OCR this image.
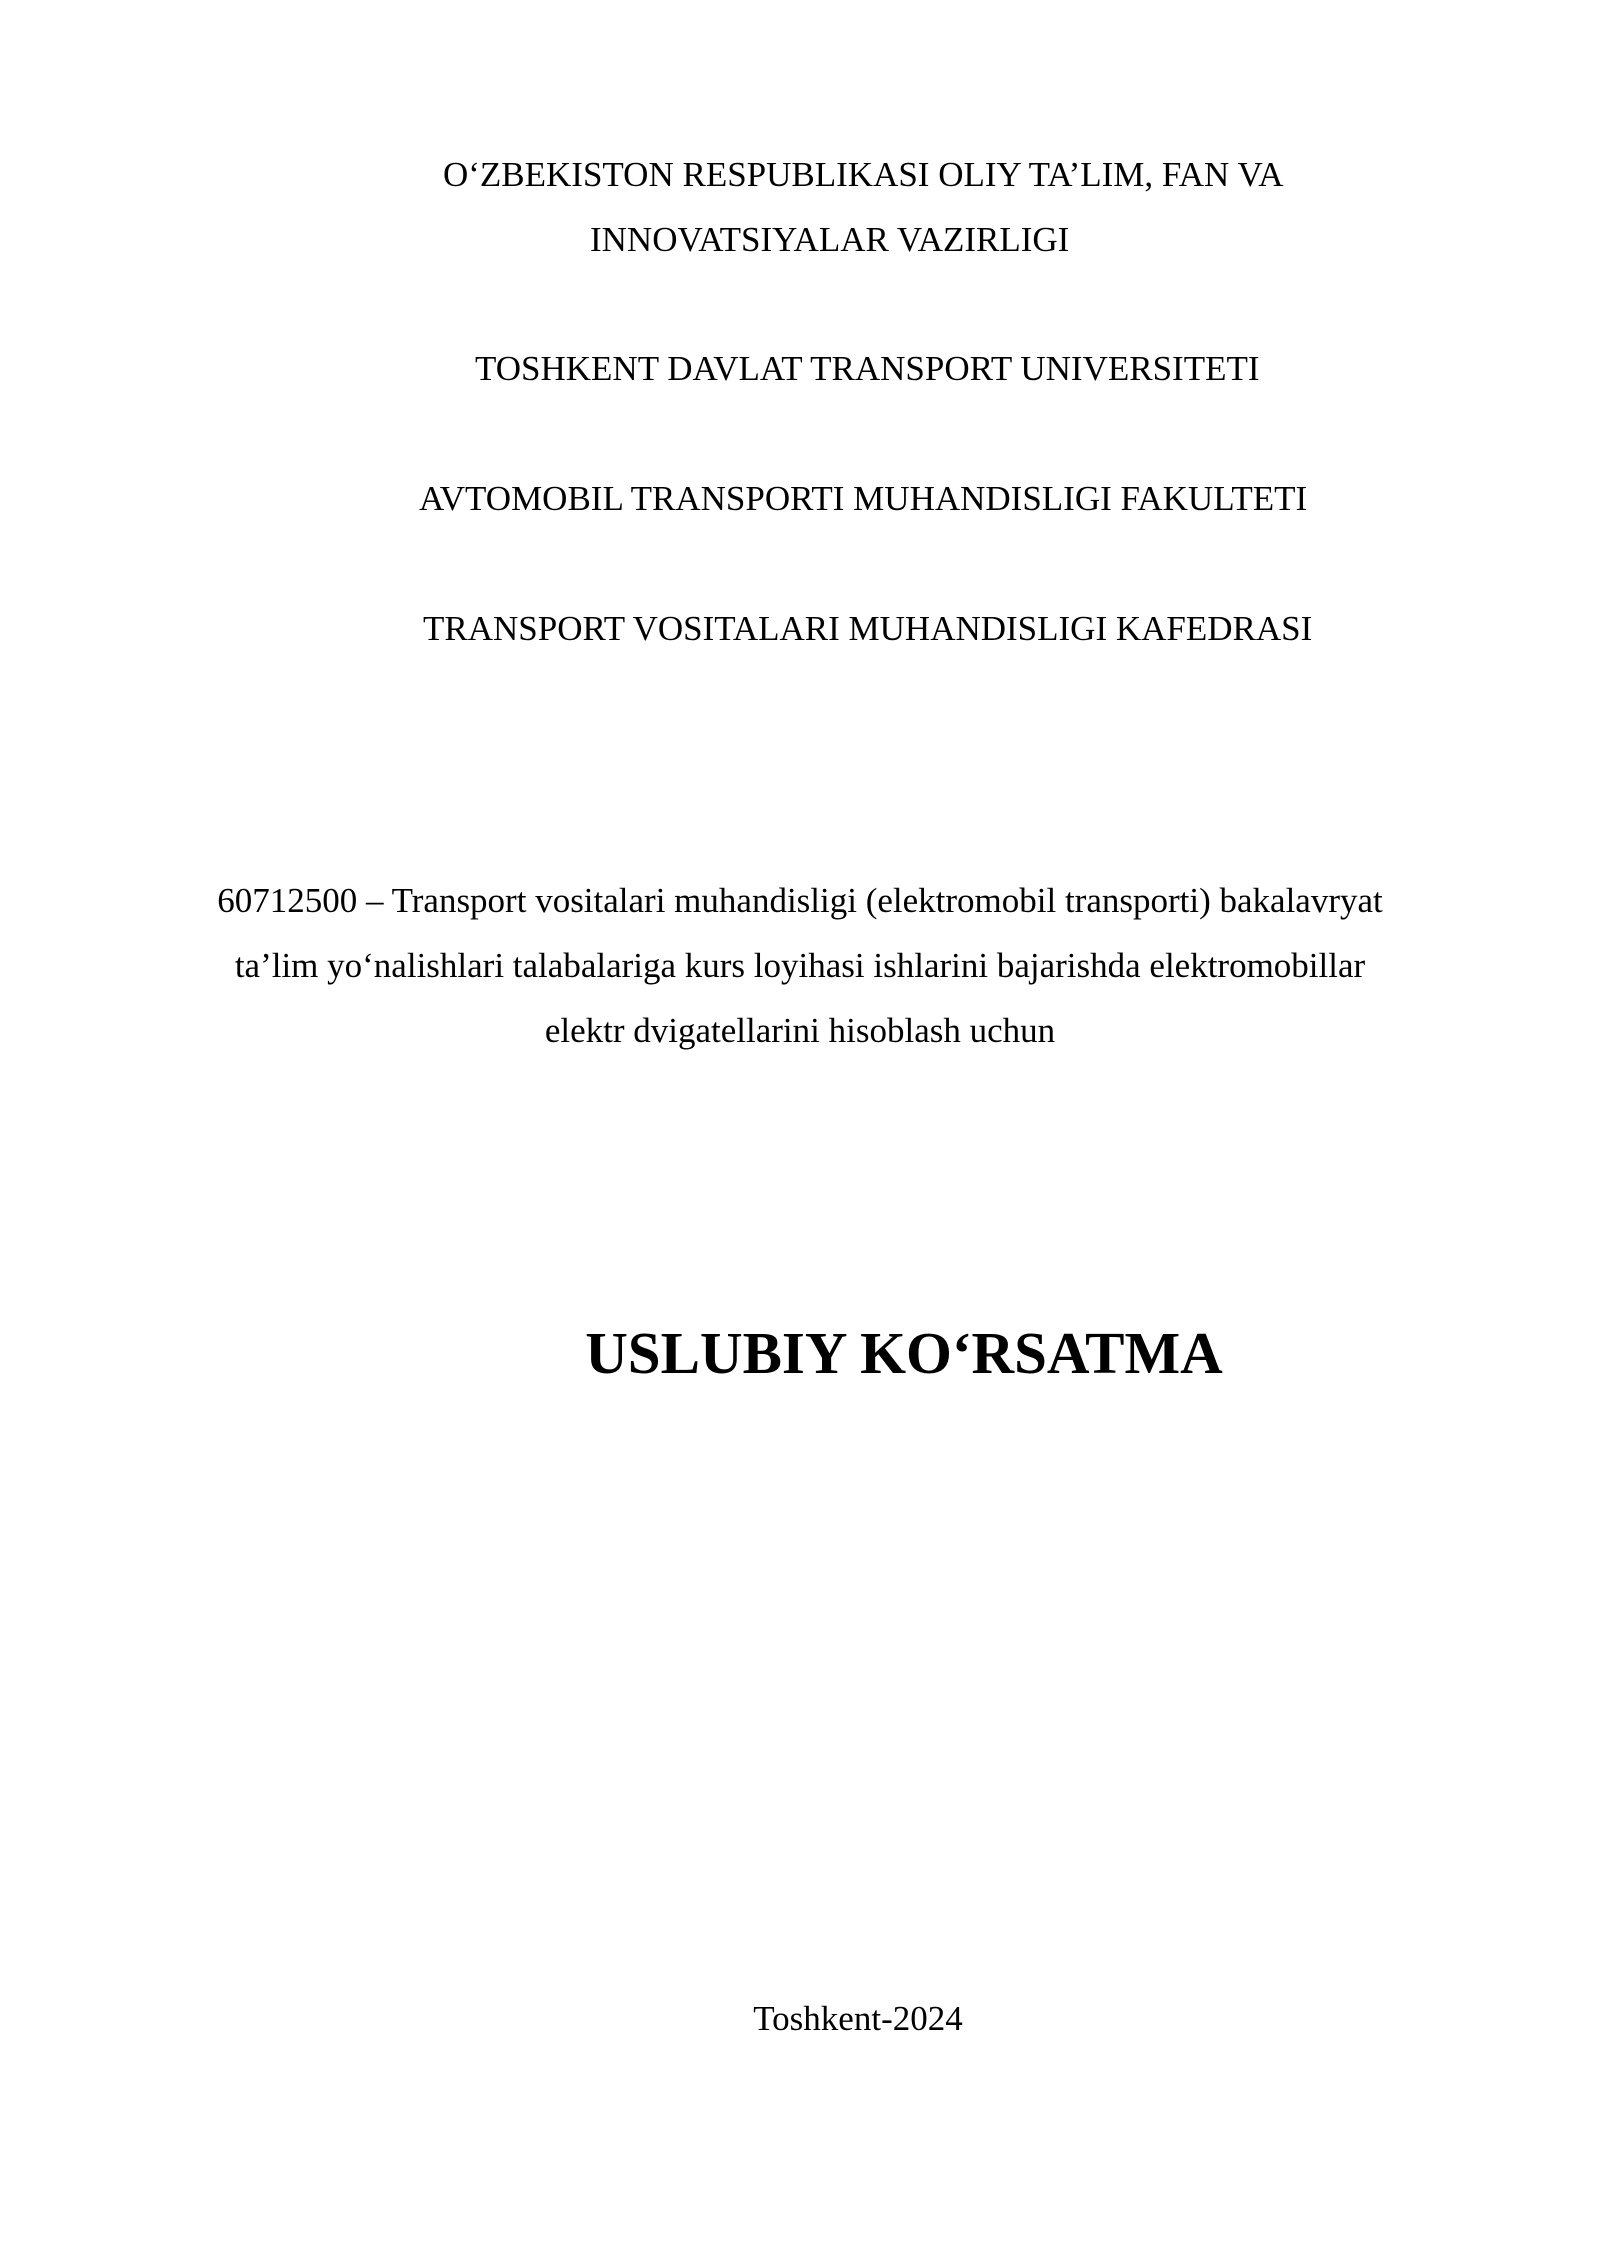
O‘ZBEKISTON RESPUBLIKASI OLIY TA’LIM, FAN VA
INNOVATSIYALAR VAZIRLIGI
TOSHKENT DAVLAT TRANSPORT UNIVERSITETI
AVTOMOBIL TRANSPORTI MUHANDISLIGI FAKULTETI
TRANSPORT VOSITALARI MUHANDISLIGI KAFEDRASI
60712500 – Transport vositalari muhandisligi (elektromobil transporti) bakalavryat
ta’lim yo‘nalishlari talabalariga kurs loyihasi ishlarini bajarishda elektromobillar
elektr dvigatellarini hisoblash uchun
USLUBIY KO‘RSATMA
Toshkent-2024
